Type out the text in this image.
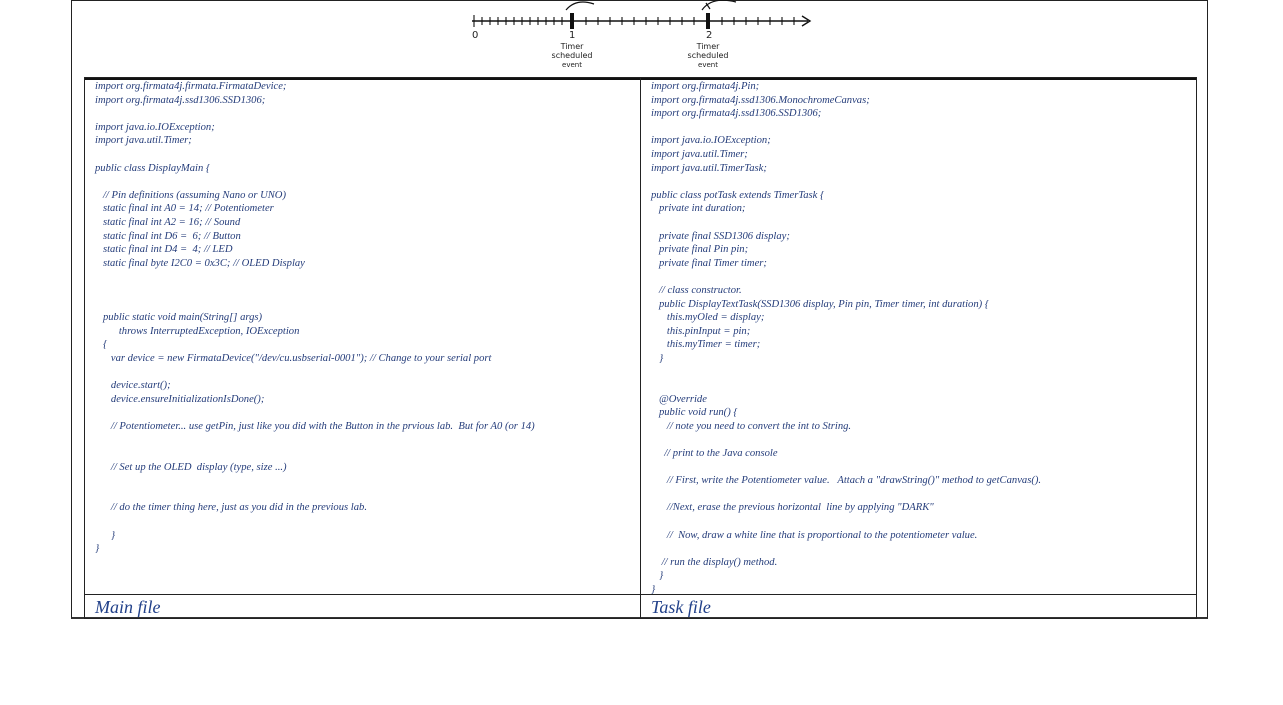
0	1	2
Timer
scheduled
event
Timer
scheduled
event
import org.firmata4j.firmata.FirmataDevice;
import org.firmata4j.ssd1306.SSD1306;

import java.io.IOException;
import java.util.Timer;

public class DisplayMain {

// Pin definitions (assuming Nano or UNO)
static final int A0 = 14; // Potentiometer
static final int A2 = 16; // Sound
static final int D6 =  6; // Button
static final int D4 =  4; // LED
static final byte I2C0 = 0x3C; // OLED Display

public static void main(String[] args)
throws InterruptedException, IOException
{
var device = new FirmataDevice("/dev/cu.usbserial-0001"); // Change to your serial port

device.start();
device.ensureInitializationIsDone();

// Potentiometer... use getPin, just like you did with the Button in the prvious lab.  But for A0 (or 14)

// Set up the OLED  display (type, size ...)

// do the timer thing here, just as you did in the previous lab.

}
}
Main file
import org.firmata4j.Pin;
import org.firmata4j.ssd1306.MonochromeCanvas;
import org.firmata4j.ssd1306.SSD1306;

import java.io.IOException;
import java.util.Timer;
import java.util.TimerTask;

public class potTask extends TimerTask {
private int duration;

private final SSD1306 display;
private final Pin pin;
private final Timer timer;

// class constructor.
public DisplayTextTask(SSD1306 display, Pin pin, Timer timer, int duration) {
this.myOled = display;
this.pinInput = pin;
this.myTimer = timer;
}

@Override
public void run() {
// note you need to convert the int to String.

// print to the Java console

// First, write the Potentiometer value.   Attach a "drawString()" method to getCanvas().

//Next, erase the previous horizontal  line by applying "DARK"

//  Now, draw a white line that is proportional to the potentiometer value.

// run the display() method.
}
}
Task file
